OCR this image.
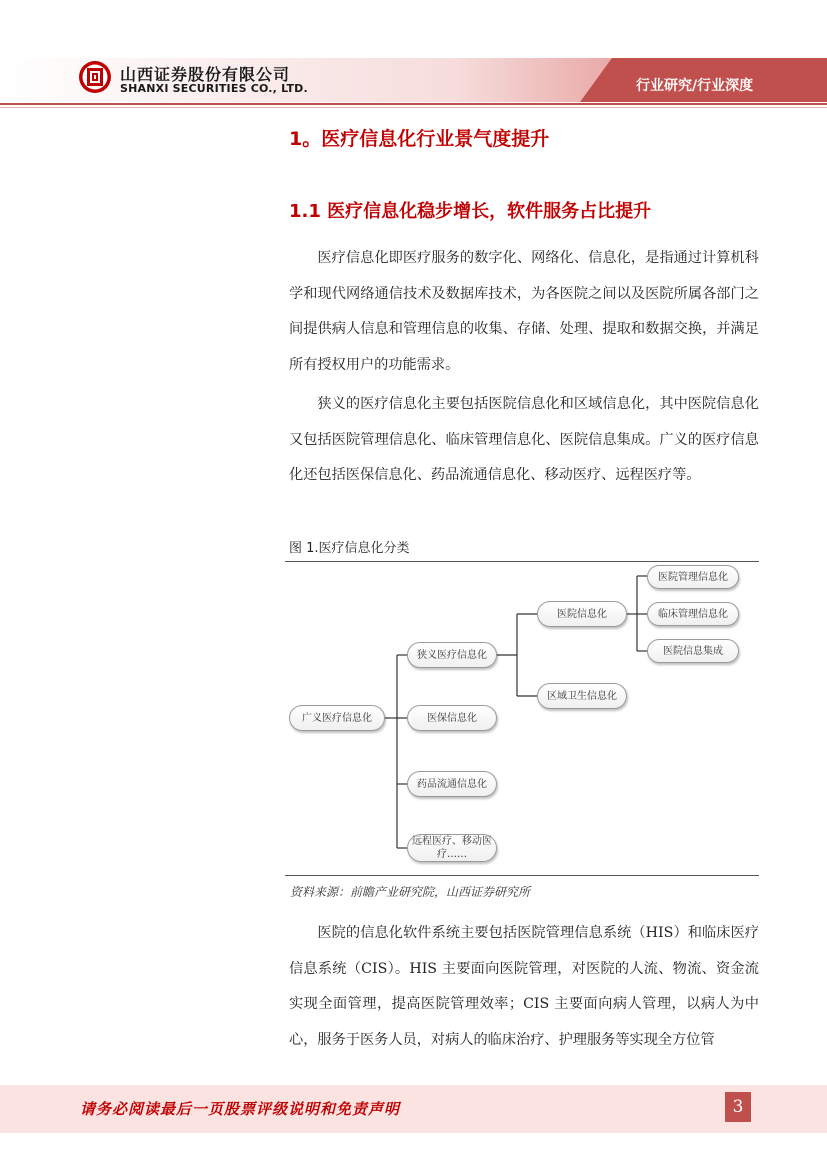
山西证券股份有限公司
SHANXI SECURITIES CO., LTD.	行业研究/行业深度
1。医疗信息化行业景气度提升
1.1 医疗信息化稳步增长，软件服务占比提升

医疗信息化即医疗服务的数字化、网络化、信息化，是指通过计算机科学和现代网络通信技术及数据库技术，为各医院之间以及医院所属各部门之间提供病人信息和管理信息的收集、存储、处理、提取和数据交换，并满足所有授权用户的功能需求。

狭义的医疗信息化主要包括医院信息化和区域信息化，其中医院信息化又包括医院管理信息化、临床管理信息化、医院信息集成。广义的医疗信息化还包括医保信息化、药品流通信息化、移动医疗、远程医疗等。

图 1.医疗信息化分类
广义医疗信息化
狭义医疗信息化
医保信息化
药品流通信息化
远程医疗、移动医疗……
医院信息化
区域卫生信息化
医院管理信息化
临床管理信息化
医院信息集成
资料来源：前瞻产业研究院，山西证券研究所

医院的信息化软件系统主要包括医院管理信息系统（HIS）和临床医疗信息系统（CIS）。HIS 主要面向医院管理，对医院的人流、物流、资金流实现全面管理，提高医院管理效率；CIS 主要面向病人管理，以病人为中心，服务于医务人员，对病人的临床治疗、护理服务等实现全方位管

请务必阅读最后一页股票评级说明和免责声明	3
